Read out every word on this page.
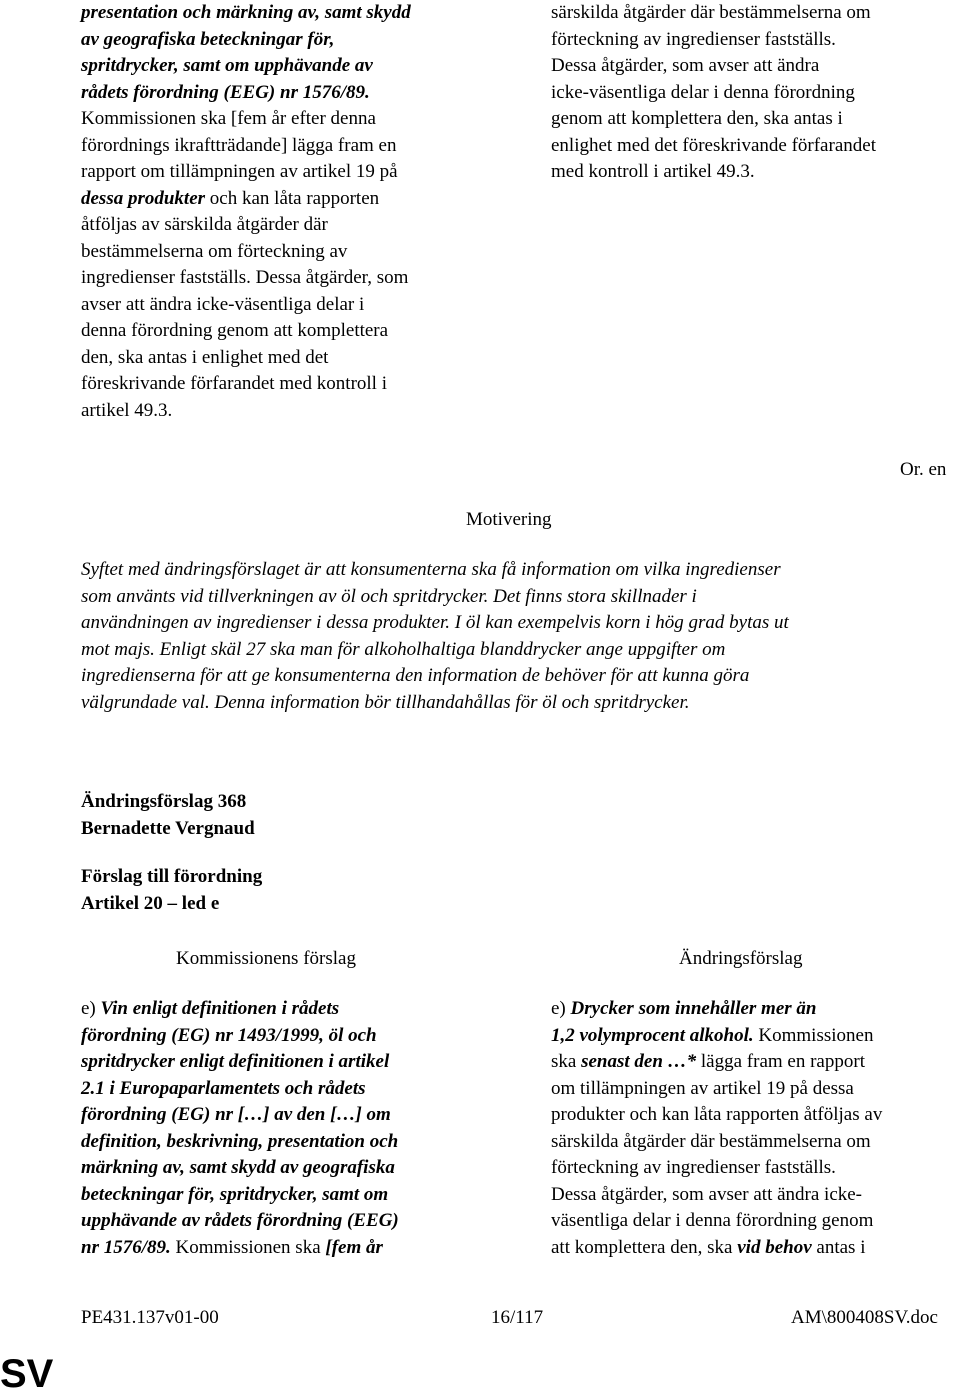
presentation och märkning av, samt skydd
av geografiska beteckningar för,
spritdrycker, samt om upphävande av
rådets förordning (EEG) nr 1576/89.
Kommissionen ska [fem år efter denna
förordnings ikraftträdande] lägga fram en
rapport om tillämpningen av artikel 19 på
dessa produkter och kan låta rapporten
åtföljas av särskilda åtgärder där
bestämmelserna om förteckning av
ingredienser fastställs. Dessa åtgärder, som
avser att ändra icke-väsentliga delar i
denna förordning genom att komplettera
den, ska antas i enlighet med det
föreskrivande förfarandet med kontroll i
artikel 49.3.
särskilda åtgärder där bestämmelserna om
förteckning av ingredienser fastställs.
Dessa åtgärder, som avser att ändra
icke-väsentliga delar i denna förordning
genom att komplettera den, ska antas i
enlighet med det föreskrivande förfarandet
med kontroll i artikel 49.3.
Or. en
Motivering
Syftet med ändringsförslaget är att konsumenterna ska få information om vilka ingredienser
som använts vid tillverkningen av öl och spritdrycker. Det finns stora skillnader i
användningen av ingredienser i dessa produkter. I öl kan exempelvis korn i hög grad bytas ut
mot majs. Enligt skäl 27 ska man för alkoholhaltiga blanddrycker ange uppgifter om
ingredienserna för att ge konsumenterna den information de behöver för att kunna göra
välgrundade val. Denna information bör tillhandahållas för öl och spritdrycker.
Ändringsförslag 368
Bernadette Vergnaud
Förslag till förordning
Artikel 20 – led e
Kommissionens förslag	Ändringsförslag
e) Vin enligt definitionen i rådets
förordning (EG) nr 1493/1999, öl och
spritdrycker enligt definitionen i artikel
2.1 i Europaparlamentets och rådets
förordning (EG) nr […] av den […] om
definition, beskrivning, presentation och
märkning av, samt skydd av geografiska
beteckningar för, spritdrycker, samt om
upphävande av rådets förordning (EEG)
nr 1576/89. Kommissionen ska [fem år
e) Drycker som innehåller mer än
1,2 volymprocent alkohol. Kommissionen
ska senast den …* lägga fram en rapport
om tillämpningen av artikel 19 på dessa
produkter och kan låta rapporten åtföljas av
särskilda åtgärder där bestämmelserna om
förteckning av ingredienser fastställs.
Dessa åtgärder, som avser att ändra icke-
väsentliga delar i denna förordning genom
att komplettera den, ska vid behov antas i
PE431.137v01-00	16/117	AM\800408SV.doc
SV
